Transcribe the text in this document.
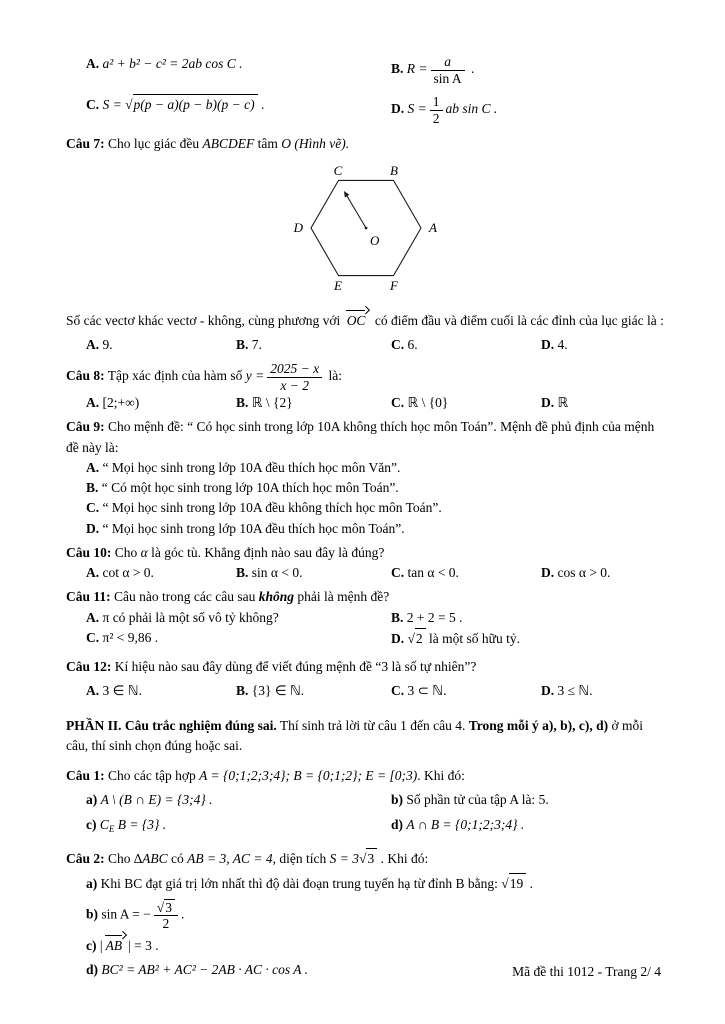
A. a² + b² − c² = 2ab cos C .	B. $R = \frac{a}{\text{sin A}}$ .
C. S = √p(p − a)(p − b)(p − c) .	D. $S = \frac{1}{2}$ ab sin C .
Câu 7: Cho lục giác đều ABCDEF tâm O (Hình vẽ).
C	B
D	A
E	F
O
Số các vectơ khác vectơ - không, cùng phương với OC có điểm đầu và điểm cuối là các đỉnh của lục giác là :
A. 9.	B. 7.	C. 6.	D. 4.
Câu 8: Tập xác định của hàm số $y = \frac{2025 - x}{x - 2}$ là:
A. [2;+∞)	B. ℝ \ {2}	C. ℝ \ {0}	D. ℝ
Câu 9: Cho mệnh đề: “ Có học sinh trong lớp 10A không thích học môn Toán”. Mệnh đề phủ định của mệnh đề này là:
A. “ Mọi học sinh trong lớp 10A đều thích học môn Văn”.
B. “ Có một học sinh trong lớp 10A thích học môn Toán”.
C. “ Mọi học sinh trong lớp 10A đều không thích học môn Toán”.
D. “ Mọi học sinh trong lớp 10A đều thích học môn Toán”.
Câu 10: Cho α là góc tù. Khẳng định nào sau đây là đúng?
A. cot α > 0.	B. sin α < 0.	C. tan α < 0.	D. cos α > 0.
Câu 11: Câu nào trong các câu sau không phải là mệnh đề?
A. π có phải là một số vô tỷ không?	B. 2 + 2 = 5 .
C. π² < 9,86 .	D. √2 là một số hữu tỷ.
Câu 12: Kí hiệu nào sau đây dùng để viết đúng mệnh đề “3 là số tự nhiên”?
A. 3 ∈ ℕ.	B. {3} ∈ ℕ.	C. 3 ⊂ ℕ.	D. 3 ≤ ℕ.
PHẦN II. Câu trắc nghiệm đúng sai. Thí sinh trả lời từ câu 1 đến câu 4. Trong mỗi ý a), b), c), d) ở mỗi câu, thí sinh chọn đúng hoặc sai.
Câu 1: Cho các tập hợp A = {0;1;2;3;4}; B = {0;1;2}; E = [0;3). Khi đó:
a) A \ (B ∩ E) = {3;4} .	b) Số phần tử của tập A là: 5.
c) $C_E$ B = {3} .	d) A ∩ B = {0;1;2;3;4} .
Câu 2: Cho ∆ABC có AB = 3, AC = 4, diện tích S = 3√3 . Khi đó:
a) Khi BC đạt giá trị lớn nhất thì độ dài đoạn trung tuyến hạ từ đỉnh B bằng: √19 .
b) sin A = − $\frac{√3}{2}$ .
c) | AB | = 3 .
d) BC² = AB² + AC² − 2AB · AC · cos A .	Mã đề thi 1012 - Trang 2/ 4
